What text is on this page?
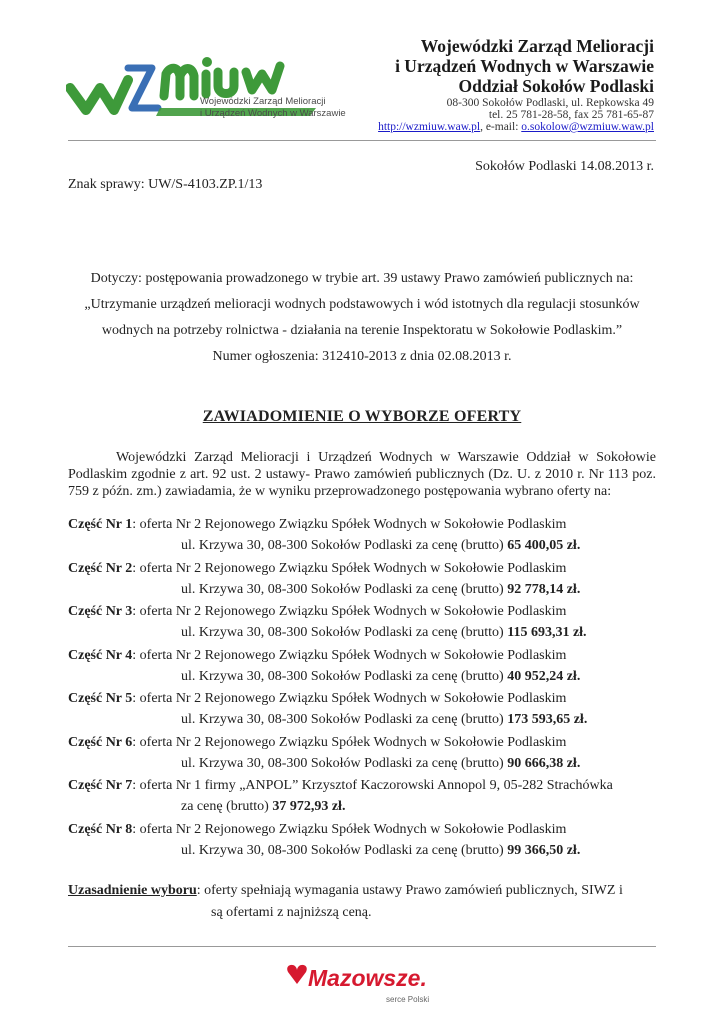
Wojewódzki Zarząd Melioracji
i Urządzeń Wodnych w Warszawie
Wojewódzki Zarząd Melioracji
i Urządzeń Wodnych w Warszawie
Oddział Sokołów Podlaski
08-300 Sokołów Podlaski, ul. Repkowska 49
tel. 25 781-28-58, fax 25 781-65-87
http://wzmiuw.waw.pl, e-mail: o.sokolow@wzmiuw.waw.pl
Sokołów Podlaski 14.08.2013 r.
Znak sprawy: UW/S-4103.ZP.1/13
Dotyczy: postępowania prowadzonego w trybie art. 39 ustawy Prawo zamówień publicznych na:
„Utrzymanie urządzeń melioracji wodnych podstawowych i wód istotnych dla regulacji stosunków
wodnych na potrzeby rolnictwa - działania na terenie Inspektoratu w Sokołowie Podlaskim.”
Numer ogłoszenia: 312410-2013 z dnia 02.08.2013 r.
ZAWIADOMIENIE O WYBORZE OFERTY
Wojewódzki Zarząd Melioracji i Urządzeń Wodnych w Warszawie Oddział w Sokołowie Podlaskim zgodnie z art. 92 ust. 2 ustawy- Prawo zamówień publicznych (Dz. U. z 2010 r. Nr 113 poz. 759 z późn. zm.) zawiadamia, że w wyniku przeprowadzonego postępowania wybrano oferty na:
Część Nr 1: oferta Nr 2 Rejonowego Związku Spółek Wodnych w Sokołowie Podlaskim
ul. Krzywa 30, 08-300 Sokołów Podlaski za cenę (brutto) 65 400,05 zł.
Część Nr 2: oferta Nr 2 Rejonowego Związku Spółek Wodnych w Sokołowie Podlaskim
ul. Krzywa 30, 08-300 Sokołów Podlaski za cenę (brutto) 92 778,14 zł.
Część Nr 3: oferta Nr 2 Rejonowego Związku Spółek Wodnych w Sokołowie Podlaskim
ul. Krzywa 30, 08-300 Sokołów Podlaski za cenę (brutto) 115 693,31 zł.
Część Nr 4: oferta Nr 2 Rejonowego Związku Spółek Wodnych w Sokołowie Podlaskim
ul. Krzywa 30, 08-300 Sokołów Podlaski za cenę (brutto) 40 952,24 zł.
Część Nr 5: oferta Nr 2 Rejonowego Związku Spółek Wodnych w Sokołowie Podlaskim
ul. Krzywa 30, 08-300 Sokołów Podlaski za cenę (brutto) 173 593,65 zł.
Część Nr 6: oferta Nr 2 Rejonowego Związku Spółek Wodnych w Sokołowie Podlaskim
ul. Krzywa 30, 08-300 Sokołów Podlaski za cenę (brutto) 90 666,38 zł.
Część Nr 7: oferta Nr 1 firmy „ANPOL” Krzysztof Kaczorowski Annopol 9, 05-282 Strachówka
za cenę (brutto) 37 972,93 zł.
Część Nr 8: oferta Nr 2 Rejonowego Związku Spółek Wodnych w Sokołowie Podlaskim
ul. Krzywa 30, 08-300 Sokołów Podlaski za cenę (brutto) 99 366,50 zł.
Uzasadnienie wyboru: oferty spełniają wymagania ustawy Prawo zamówień publicznych, SIWZ i
są ofertami z najniższą ceną.
Mazowsze.
serce Polski
